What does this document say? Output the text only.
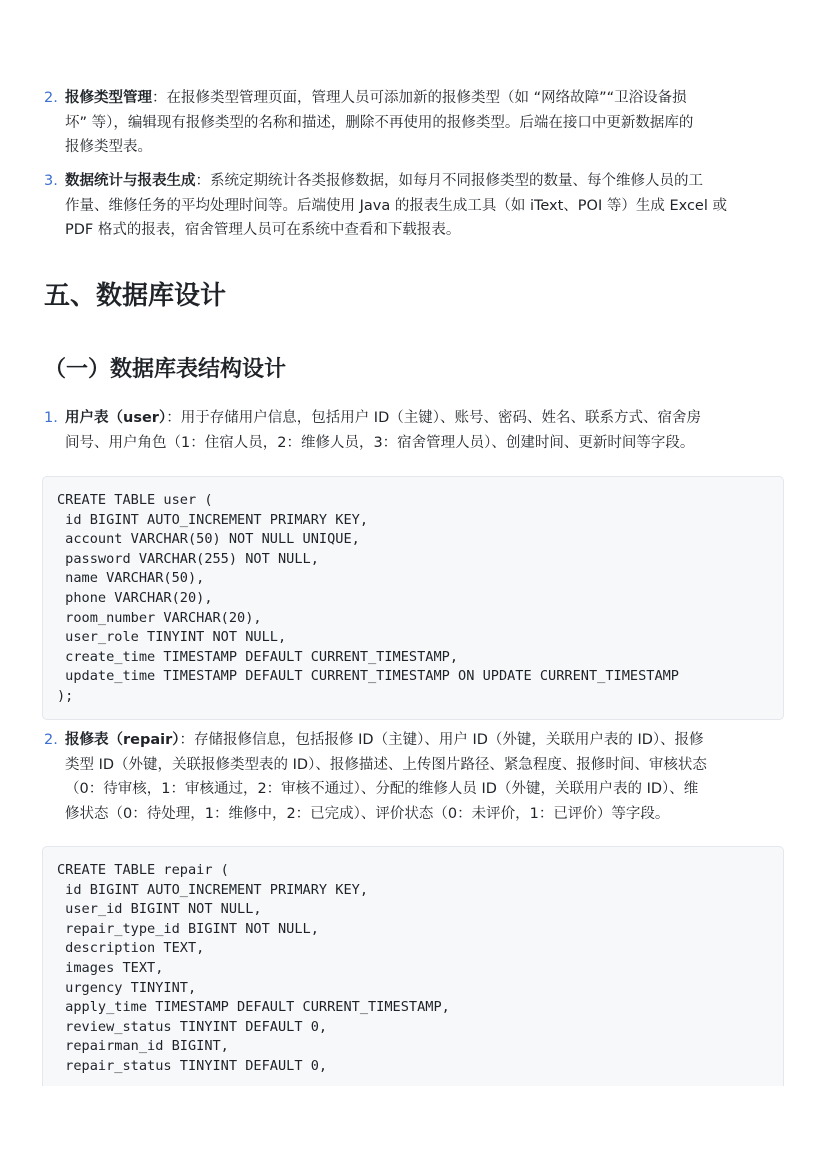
2. 报修类型管理：在报修类型管理页面，管理人员可添加新的报修类型（如 “网络故障”“卫浴设备损
坏” 等），编辑现有报修类型的名称和描述，删除不再使用的报修类型。后端在接口中更新数据库的
报修类型表。
3. 数据统计与报表生成：系统定期统计各类报修数据，如每月不同报修类型的数量、每个维修人员的工
作量、维修任务的平均处理时间等。后端使用 Java 的报表生成工具（如 iText、POI 等）生成 Excel 或
PDF 格式的报表，宿舍管理人员可在系统中查看和下载报表。
五、数据库设计
（一）数据库表结构设计
1. 用户表（user）：用于存储用户信息，包括用户 ID（主键）、账号、密码、姓名、联系方式、宿舍房
间号、用户角色（1：住宿人员，2：维修人员，3：宿舍管理人员）、创建时间、更新时间等字段。
CREATE TABLE user (
id BIGINT AUTO_INCREMENT PRIMARY KEY,
account VARCHAR(50) NOT NULL UNIQUE,
password VARCHAR(255) NOT NULL,
name VARCHAR(50),
phone VARCHAR(20),
room_number VARCHAR(20),
user_role TINYINT NOT NULL,
create_time TIMESTAMP DEFAULT CURRENT_TIMESTAMP,
update_time TIMESTAMP DEFAULT CURRENT_TIMESTAMP ON UPDATE CURRENT_TIMESTAMP
);
2. 报修表（repair）：存储报修信息，包括报修 ID（主键）、用户 ID（外键，关联用户表的 ID）、报修
类型 ID（外键，关联报修类型表的 ID）、报修描述、上传图片路径、紧急程度、报修时间、审核状态
（0：待审核，1：审核通过，2：审核不通过）、分配的维修人员 ID（外键，关联用户表的 ID）、维
修状态（0：待处理，1：维修中，2：已完成）、评价状态（0：未评价，1：已评价）等字段。
CREATE TABLE repair (
id BIGINT AUTO_INCREMENT PRIMARY KEY,
user_id BIGINT NOT NULL,
repair_type_id BIGINT NOT NULL,
description TEXT,
images TEXT,
urgency TINYINT,
apply_time TIMESTAMP DEFAULT CURRENT_TIMESTAMP,
review_status TINYINT DEFAULT 0,
repairman_id BIGINT,
repair_status TINYINT DEFAULT 0,
